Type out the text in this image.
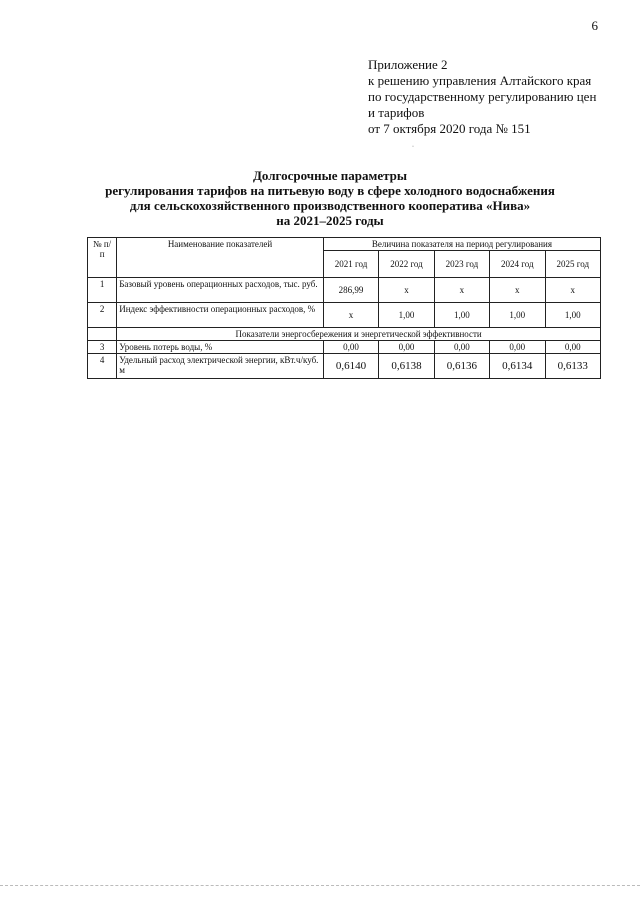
6
Приложение 2
к решению управления Алтайского края
по государственному регулированию цен
и тарифов
от 7 октября 2020 года № 151
·
Долгосрочные параметры
регулирования тарифов на питьевую воду в сфере холодного водоснабжения
для сельскохозяйственного производственного кооператива «Нива»
на 2021–2025 годы
№ п/ п	Наименование показателей	Величина показателя на период регулирования				
		2021 год	2022 год	2023 год	2024 год	2025 год
1	Базовый уровень операционных расходов, тыс. руб.	286,99	х	х	х	х
2	Индекс эффективности операционных расходов, %	х	1,00	1,00	1,00	1,00
	Показатели энергосбережения и энергетической эффективности					
3	Уровень потерь воды, %	0,00	0,00	0,00	0,00	0,00
4	Удельный расход электрической энергии, кВт.ч/куб. м	0,6140	0,6138	0,6136	0,6134	0,6133
